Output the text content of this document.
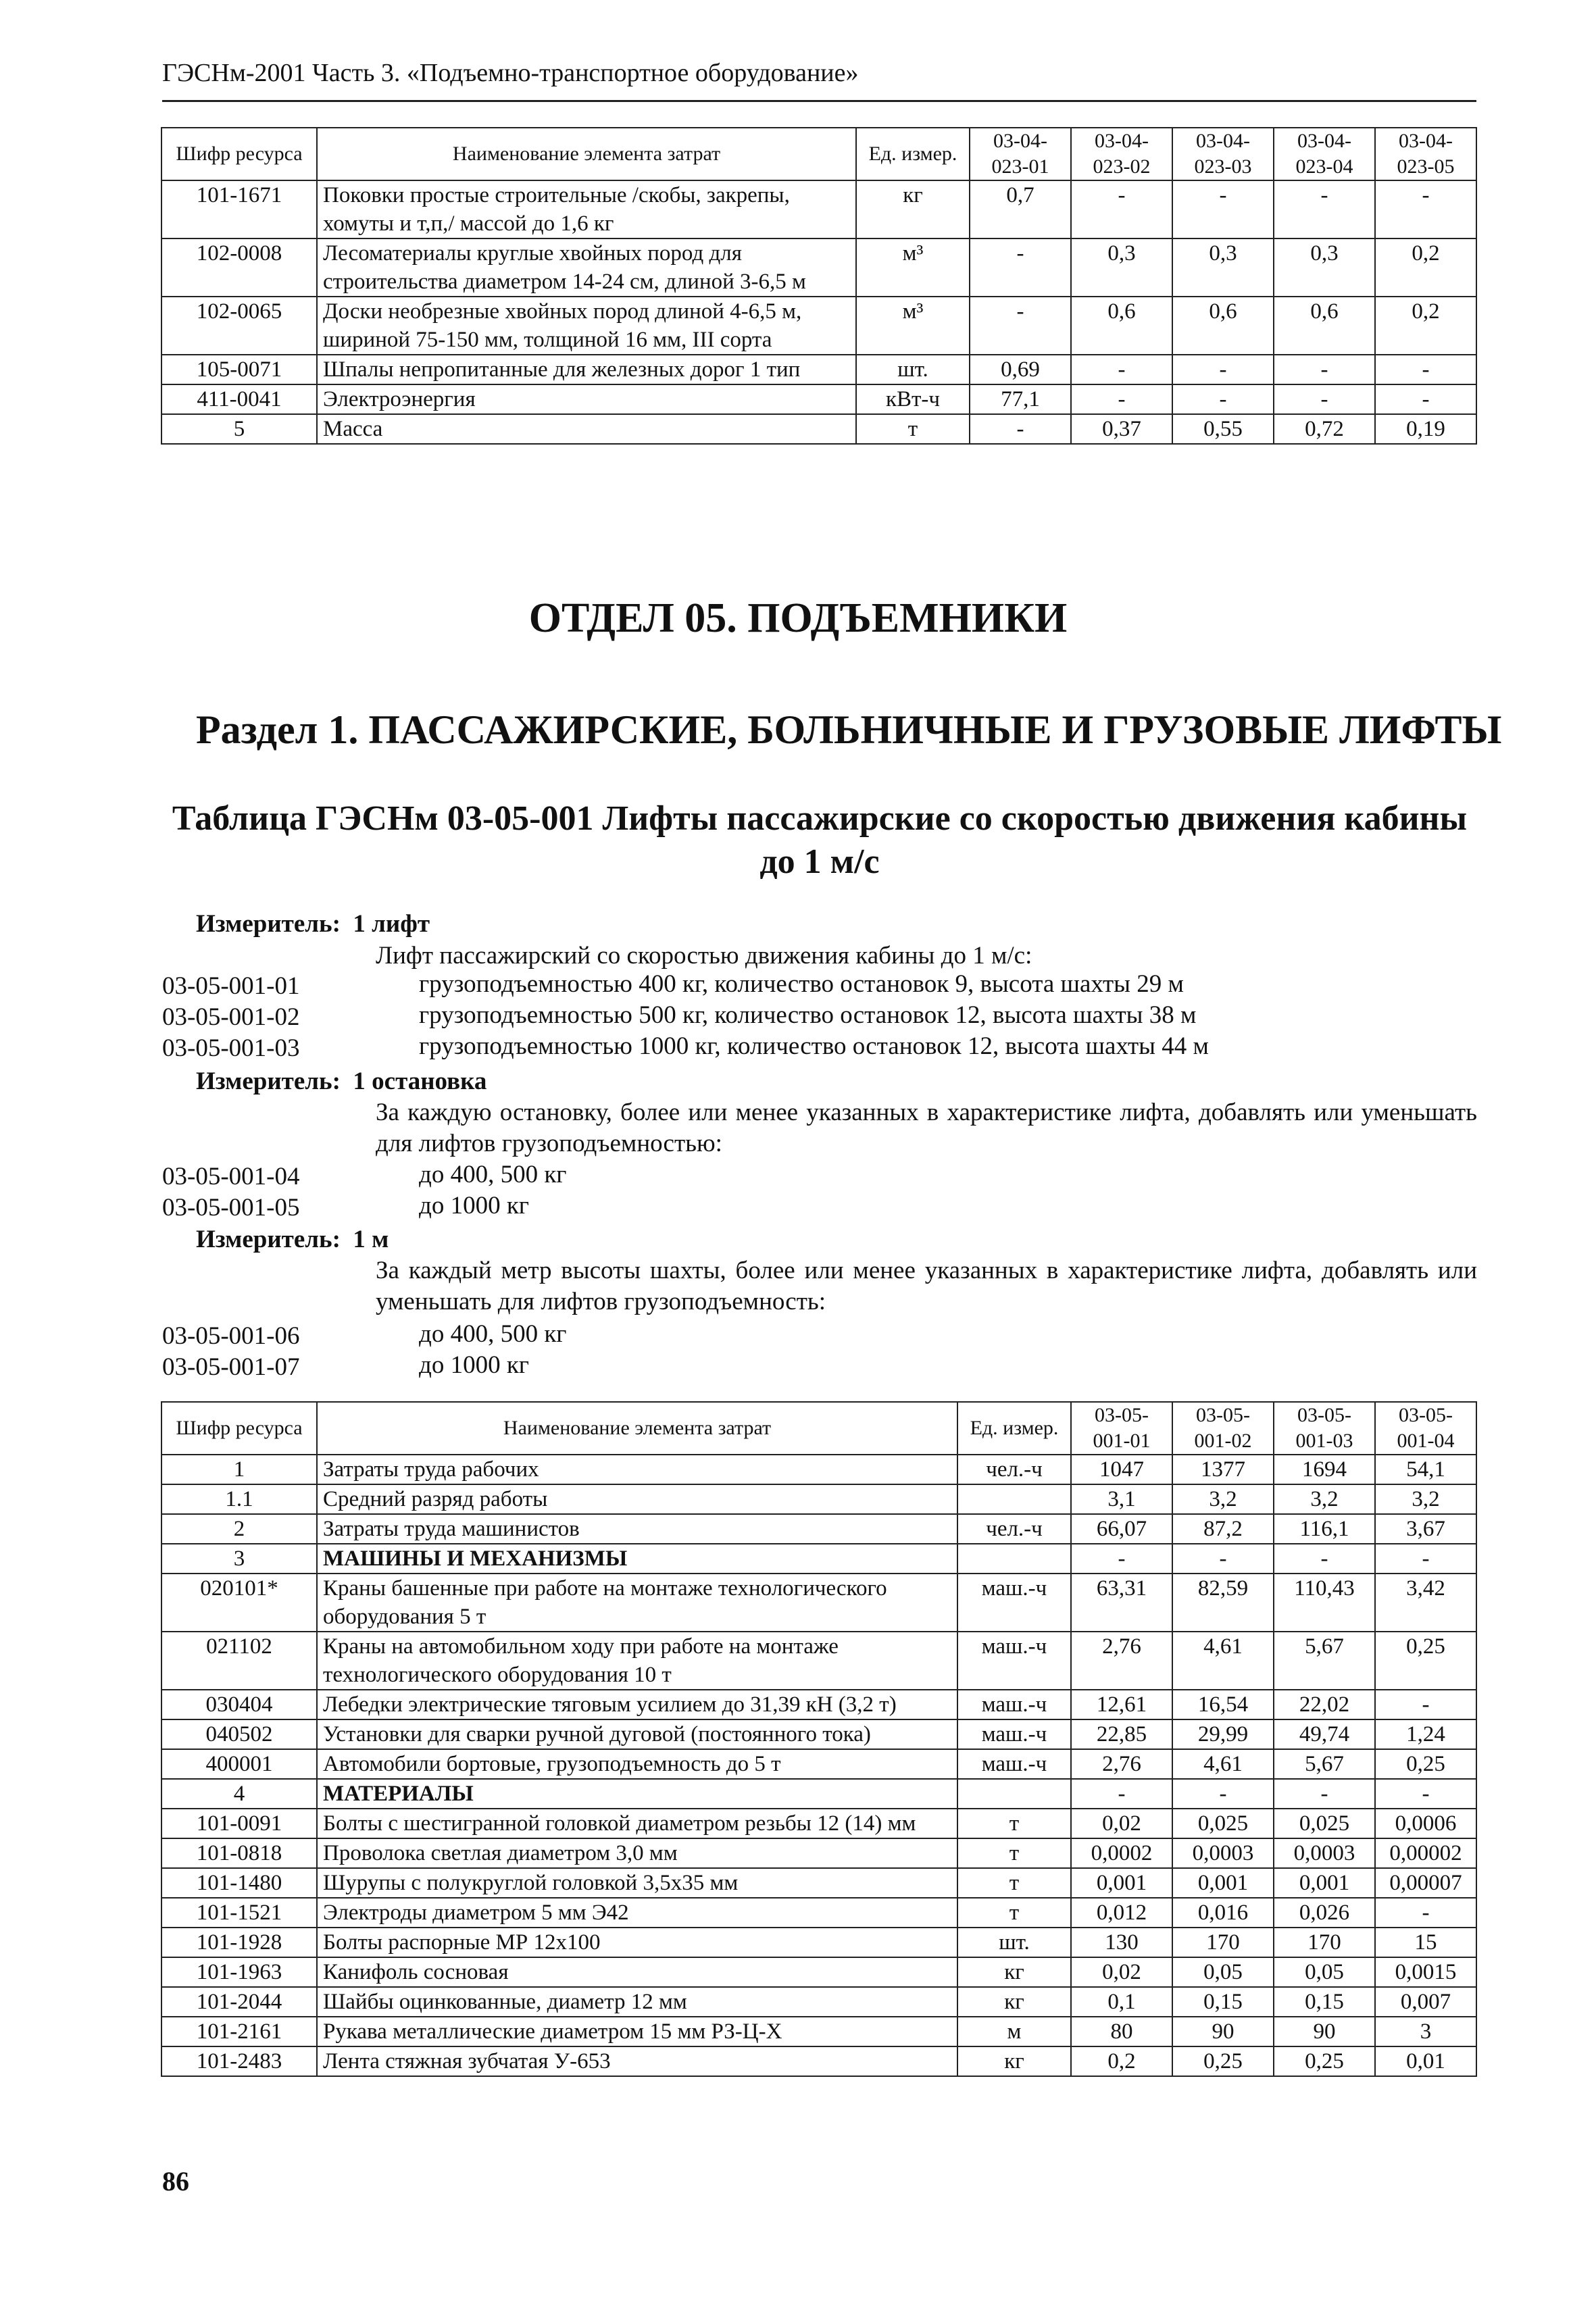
ГЭСНм-2001 Часть 3. «Подъемно-транспортное оборудование»
Шифр ресурса	Наименование элемента затрат	Ед. измер.	03-04-023-01	03-04-023-02	03-04-023-03	03-04-023-04	03-04-023-05
101-1671	Поковки простые строительные /скобы, закрепы, хомуты и т,п,/ массой до 1,6 кг	кг	0,7	-	-	-	-
102-0008	Лесоматериалы круглые хвойных пород для строительства диаметром 14-24 см, длиной 3-6,5 м	м³	-	0,3	0,3	0,3	0,2
102-0065	Доски необрезные хвойных пород длиной 4-6,5 м, шириной 75-150 мм, толщиной 16 мм, III сорта	м³	-	0,6	0,6	0,6	0,2
105-0071	Шпалы непропитанные для железных дорог 1 тип	шт.	0,69	-	-	-	-
411-0041	Электроэнергия	кВт-ч	77,1	-	-	-	-
5	Масса	т	-	0,37	0,55	0,72	0,19
ОТДЕЛ 05. ПОДЪЕМНИКИ
Раздел 1. ПАССАЖИРСКИЕ, БОЛЬНИЧНЫЕ И ГРУЗОВЫЕ ЛИФТЫ
Таблица ГЭСНм 03-05-001 Лифты пассажирские со скоростью движения кабины до 1 м/с
Измеритель: 1 лифт
Лифт пассажирский со скоростью движения кабины до 1 м/с:
03-05-001-01	грузоподъемностью 400 кг, количество остановок 9, высота шахты 29 м
03-05-001-02	грузоподъемностью 500 кг, количество остановок 12, высота шахты 38 м
03-05-001-03	грузоподъемностью 1000 кг, количество остановок 12, высота шахты 44 м
Измеритель: 1 остановка
За каждую остановку, более или менее указанных в характеристике лифта, добавлять или уменьшать для лифтов грузоподъемностью:
03-05-001-04	до 400, 500 кг
03-05-001-05	до 1000 кг
Измеритель: 1 м
За каждый метр высоты шахты, более или менее указанных в характеристике лифта, добавлять или уменьшать для лифтов грузоподъемность:
03-05-001-06	до 400, 500 кг
03-05-001-07	до 1000 кг
Шифр ресурса	Наименование элемента затрат	Ед. измер.	03-05-001-01	03-05-001-02	03-05-001-03	03-05-001-04
1	Затраты труда рабочих	чел.-ч	1047	1377	1694	54,1
1.1	Средний разряд работы		3,1	3,2	3,2	3,2
2	Затраты труда машинистов	чел.-ч	66,07	87,2	116,1	3,67
3	МАШИНЫ И МЕХАНИЗМЫ		-	-	-	-
020101*	Краны башенные при работе на монтаже технологического оборудования 5 т	маш.-ч	63,31	82,59	110,43	3,42
021102	Краны на автомобильном ходу при работе на монтаже технологического оборудования 10 т	маш.-ч	2,76	4,61	5,67	0,25
030404	Лебедки электрические тяговым усилием до 31,39 кН (3,2 т)	маш.-ч	12,61	16,54	22,02	-
040502	Установки для сварки ручной дуговой (постоянного тока)	маш.-ч	22,85	29,99	49,74	1,24
400001	Автомобили бортовые, грузоподъемность до 5 т	маш.-ч	2,76	4,61	5,67	0,25
4	МАТЕРИАЛЫ		-	-	-	-
101-0091	Болты с шестигранной головкой диаметром резьбы 12 (14) мм	т	0,02	0,025	0,025	0,0006
101-0818	Проволока светлая диаметром 3,0 мм	т	0,0002	0,0003	0,0003	0,00002
101-1480	Шурупы с полукруглой головкой 3,5х35 мм	т	0,001	0,001	0,001	0,00007
101-1521	Электроды диаметром 5 мм Э42	т	0,012	0,016	0,026	-
101-1928	Болты распорные МР 12х100	шт.	130	170	170	15
101-1963	Канифоль сосновая	кг	0,02	0,05	0,05	0,0015
101-2044	Шайбы оцинкованные, диаметр 12 мм	кг	0,1	0,15	0,15	0,007
101-2161	Рукава металлические диаметром 15 мм РЗ-Ц-Х	м	80	90	90	3
101-2483	Лента стяжная зубчатая У-653	кг	0,2	0,25	0,25	0,01
86
